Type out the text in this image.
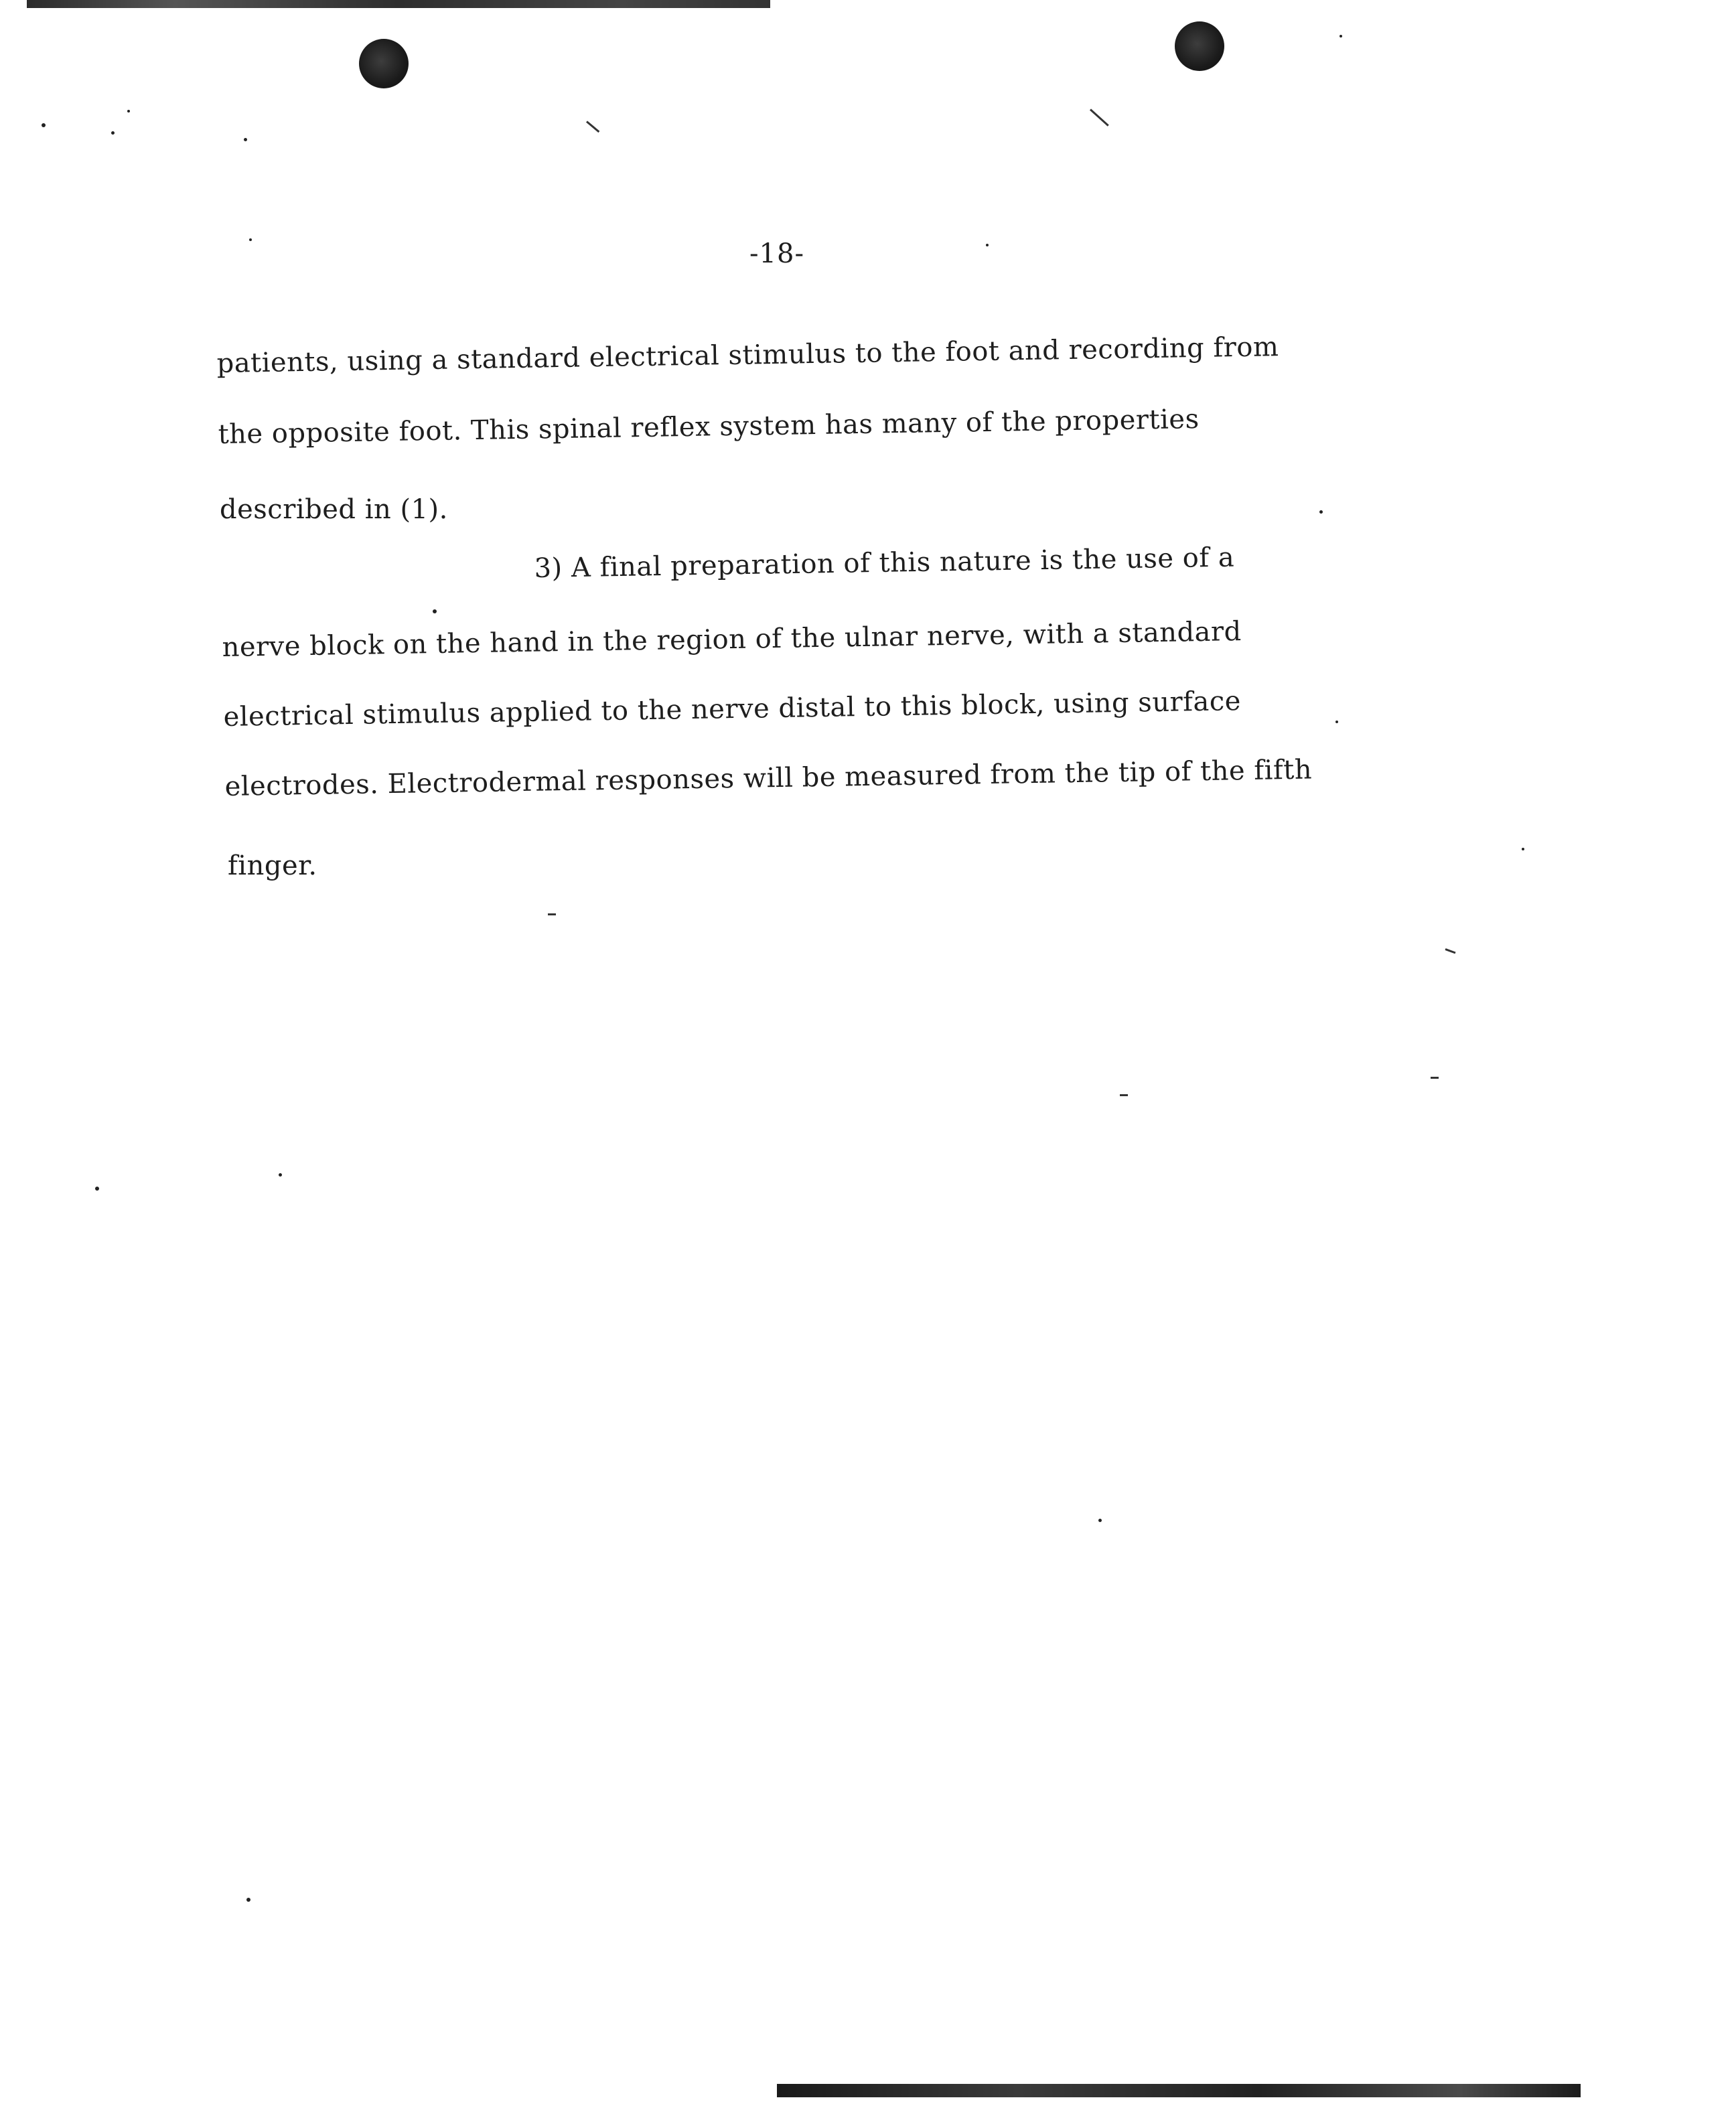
-18-
patients, using a standard electrical stimulus to the foot and recording from
the opposite foot. This spinal reflex system has many of the properties
described in (1).
3) A final preparation of this nature is the use of a
nerve block on the hand in the region of the ulnar nerve, with a standard
electrical stimulus applied to the nerve distal to this block, using surface
electrodes. Electrodermal responses will be measured from the tip of the fifth
finger.
